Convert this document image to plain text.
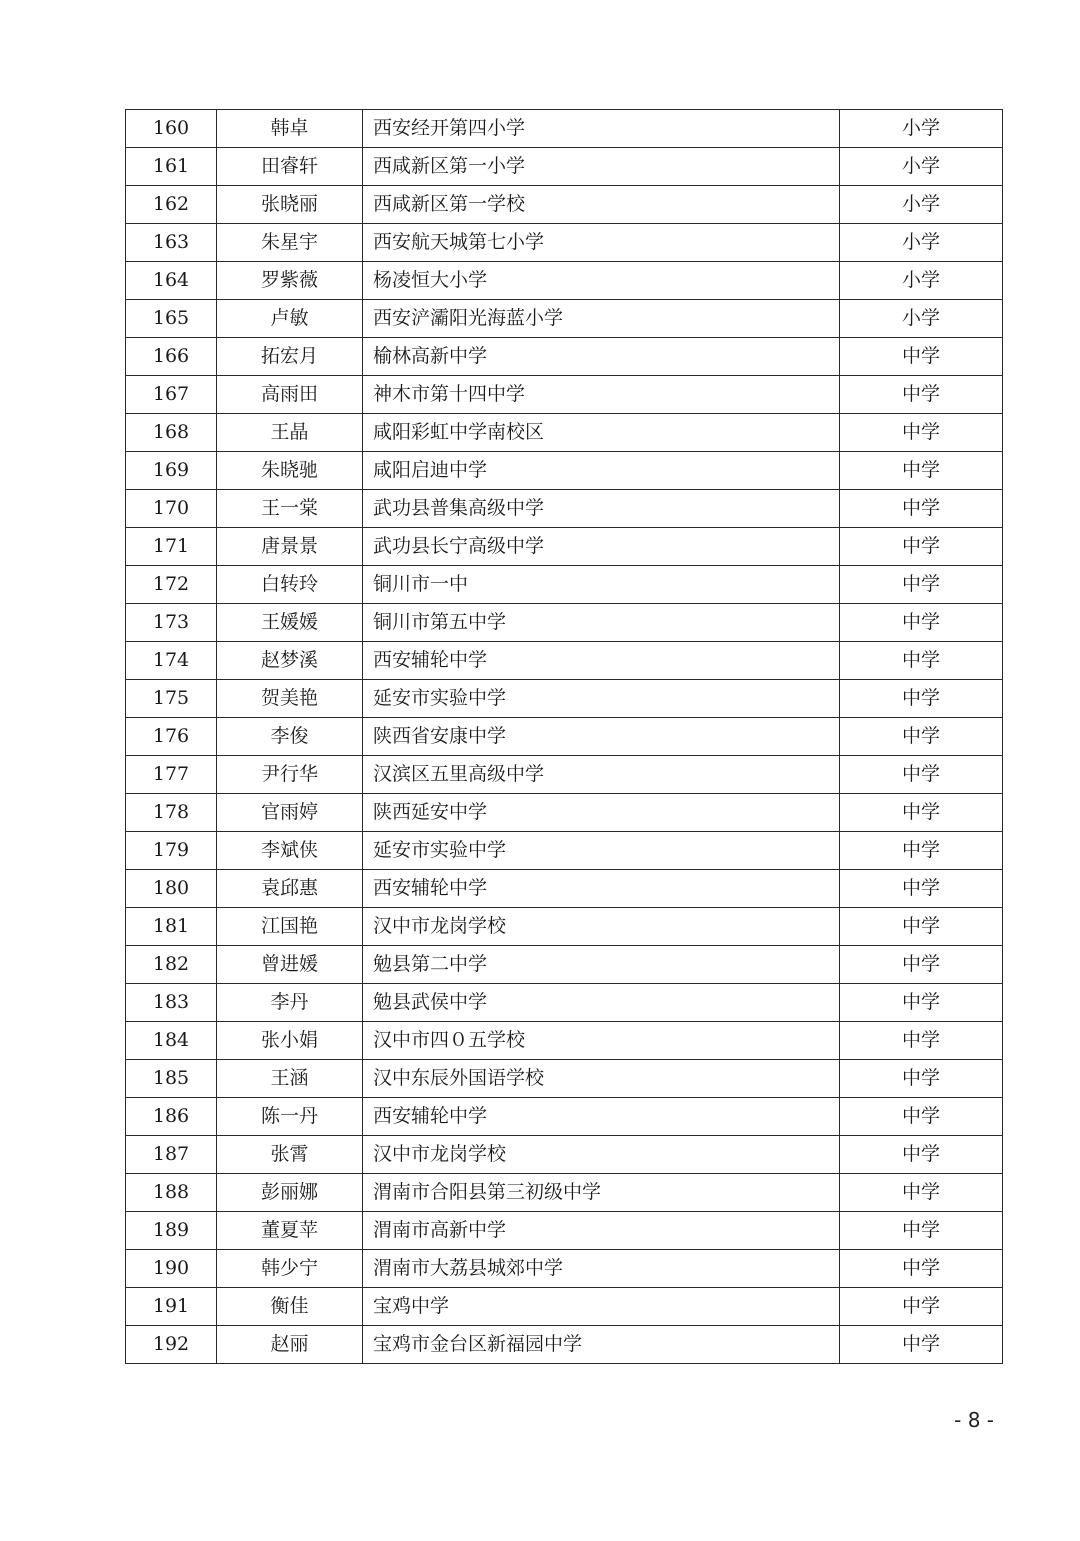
160	韩卓	西安经开第四小学	小学
161	田睿轩	西咸新区第一小学	小学
162	张晓丽	西咸新区第一学校	小学
163	朱星宇	西安航天城第七小学	小学
164	罗紫薇	杨凌恒大小学	小学
165	卢敏	西安浐灞阳光海蓝小学	小学
166	拓宏月	榆林高新中学	中学
167	高雨田	神木市第十四中学	中学
168	王晶	咸阳彩虹中学南校区	中学
169	朱晓驰	咸阳启迪中学	中学
170	王一棠	武功县普集高级中学	中学
171	唐景景	武功县长宁高级中学	中学
172	白转玲	铜川市一中	中学
173	王媛媛	铜川市第五中学	中学
174	赵梦溪	西安辅轮中学	中学
175	贺美艳	延安市实验中学	中学
176	李俊	陕西省安康中学	中学
177	尹行华	汉滨区五里高级中学	中学
178	官雨婷	陕西延安中学	中学
179	李斌侠	延安市实验中学	中学
180	袁邱惠	西安辅轮中学	中学
181	江国艳	汉中市龙岗学校	中学
182	曾进媛	勉县第二中学	中学
183	李丹	勉县武侯中学	中学
184	张小娟	汉中市四０五学校	中学
185	王涵	汉中东辰外国语学校	中学
186	陈一丹	西安辅轮中学	中学
187	张霄	汉中市龙岗学校	中学
188	彭丽娜	渭南市合阳县第三初级中学	中学
189	董夏苹	渭南市高新中学	中学
190	韩少宁	渭南市大荔县城郊中学	中学
191	衡佳	宝鸡中学	中学
192	赵丽	宝鸡市金台区新福园中学	中学
- 8 -
